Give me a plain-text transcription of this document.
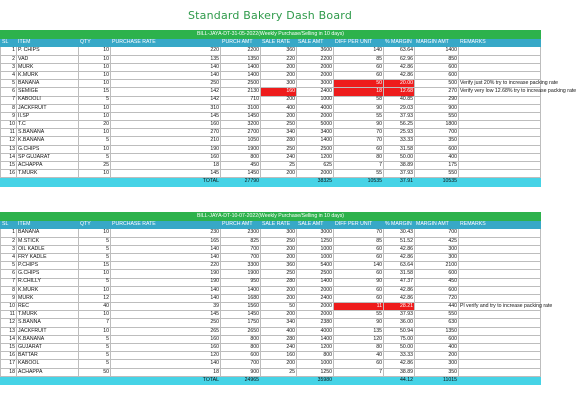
Standard Bakery Dash Board
BILL-JAYA-DT-31-05-2022(Weekly Purchase/Selling in 10 days)										
SL	ITEM	QTY	PURCHASE RATE	PURCH AMT	SALE RATE	SALE AMT	DIFF PER UNIT	% MARGIN	MARGIN AMT	REMARKS
1	P. CHIPS	10	220	2200	360	3600	140	63.64	1400	
2	VAD	10	135	1350	220	2200	85	62.96	850	
3	MURK	10	140	1400	200	2000	60	42.86	600	
4	K.MURK	10	140	1400	200	2000	60	42.86	600	
5	BANANA	10	250	2500	300	3000	50	20.00	500	Verify just 20% try to increase packing rate
6	SEMIGE	15	142	2130	160	2400	18	12.68	270	Verify very low 12.68% try to increase packing rate
7	KABOOLI	5	142	710	200	1000	58	40.85	290	
8	JACKFRUIT	10	310	3100	400	4000	90	29.03	900	
9	II.SP	10	145	1450	200	2000	55	37.93	550	
10	T.C	20	160	3200	250	5000	90	56.25	1800	
11	S.BANANA	10	270	2700	340	3400	70	25.93	700	
12	K.BANANA	5	210	1050	280	1400	70	33.33	350	
13	G.CHIPS	10	190	1900	250	2500	60	31.58	600	
14	SP GUJARAT	5	160	800	240	1200	80	50.00	400	
15	ACHAPPA	25	18	450	25	625	7	38.89	175	
16	T.MURK	10	145	1450	200	2000	55	37.93	550	
TOTAL				27790		38325	10535	37.91	10535	
BILL-JAYA-DT-10-07-2022(Weekly Purchase/Selling in 10 days)										
SL	ITEM	QTY	PURCHASE RATE	PURCH AMT	SALE RATE	SALE AMT	DIFF PER UNIT	% MARGIN	MARGIN AMT	REMARKS
1	BANANA	10	230	2300	300	3000	70	30.43	700	
2	M.STICK	5	165	825	250	1250	85	51.52	425	
3	OIL KADLE	5	140	700	200	1000	60	42.86	300	
4	FRY KADLE	5	140	700	200	1000	60	42.86	300	
5	P.CHIPS	15	220	3300	360	5400	140	63.64	2100	
6	G.CHIPS	10	190	1900	250	2500	60	31.58	600	
7	R.CHILLY	5	190	950	280	1400	90	47.37	450	
8	K.MURK	10	140	1400	200	2000	60	42.86	600	
9	MURK	12	140	1680	200	2400	60	42.86	720	
10	REC	40	39	1560	50	2000	11	28.21	440	Pl verify and try to increase packing rate
11	T.MURK	10	145	1450	200	2000	55	37.93	550	
12	S.BANNA	7	250	1750	340	2380	90	36.00	630	
13	JACKFRUIT	10	265	2650	400	4000	135	50.94	1350	
14	K.BANANA	5	160	800	280	1400	120	75.00	600	
15	GUJARAT	5	160	800	240	1200	80	50.00	400	
16	BATTAR	5	120	600	160	800	40	33.33	200	
17	KABOOL	5	140	700	200	1000	60	42.86	300	
18	ACHAPPA	50	18	900	25	1250	7	38.89	350	
TOTAL				24965		35980		44.12	11015	
